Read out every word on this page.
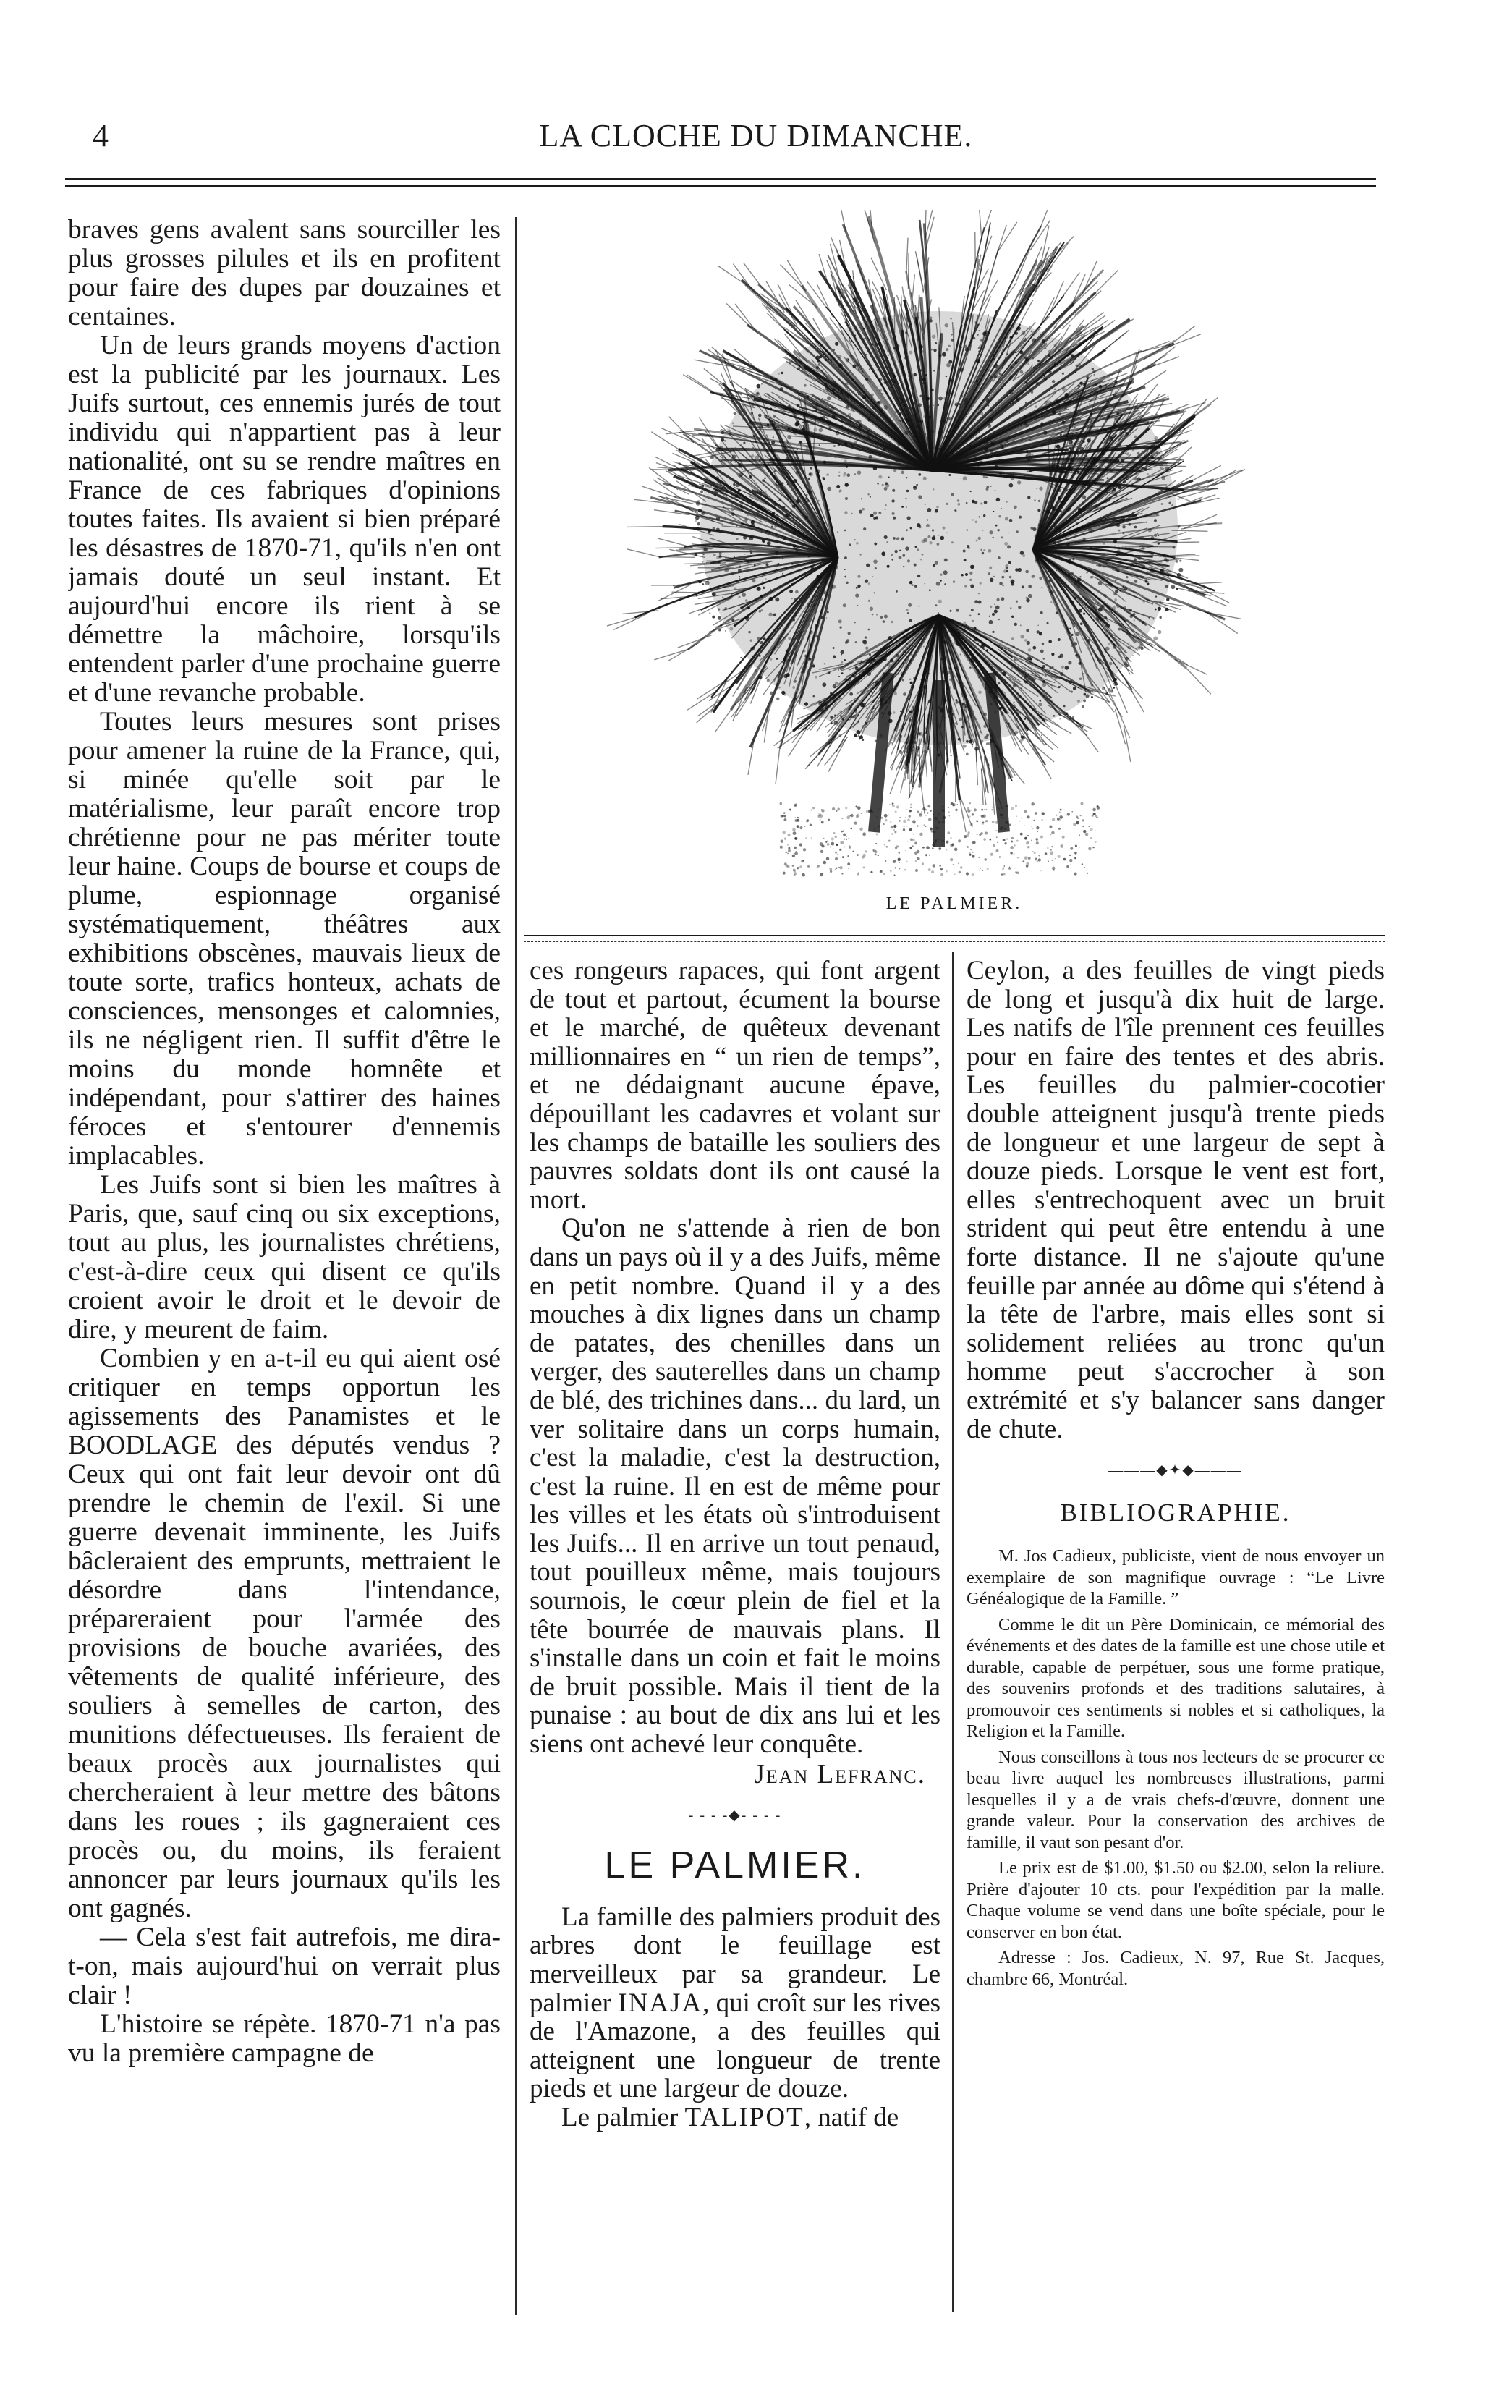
4	LA CLOCHE DU DIMANCHE.

braves gens avalent sans sourciller les plus grosses pilules et ils en profitent pour faire des dupes par douzaines et centaines.

Un de leurs grands moyens d'action est la publicité par les journaux. Les Juifs surtout, ces ennemis jurés de tout individu qui n'appartient pas à leur nationalité, ont su se rendre maîtres en France de ces fabriques d'opinions toutes faites. Ils avaient si bien préparé les désastres de 1870-71, qu'ils n'en ont jamais douté un seul instant. Et aujourd'hui encore ils rient à se démettre la mâchoire, lorsqu'ils entendent parler d'une prochaine guerre et d'une revanche probable.

Toutes leurs mesures sont prises pour amener la ruine de la France, qui, si minée qu'elle soit par le matérialisme, leur paraît encore trop chrétienne pour ne pas mériter toute leur haine. Coups de bourse et coups de plume, espionnage organisé systématiquement, théâtres aux exhibitions obscènes, mauvais lieux de toute sorte, trafics honteux, achats de consciences, mensonges et calomnies, ils ne négligent rien. Il suffit d'être le moins du monde homnête et indépendant, pour s'attirer des haines féroces et s'entourer d'ennemis implacables.

Les Juifs sont si bien les maîtres à Paris, que, sauf cinq ou six exceptions, tout au plus, les journalistes chrétiens, c'est-à-dire ceux qui disent ce qu'ils croient avoir le droit et le devoir de dire, y meurent de faim.

Combien y en a-t-il eu qui aient osé critiquer en temps opportun les agissements des Panamistes et le BOODLAGE des députés vendus ? Ceux qui ont fait leur devoir ont dû prendre le chemin de l'exil. Si une guerre devenait imminente, les Juifs bâcleraient des emprunts, mettraient le désordre dans l'intendance, prépareraient pour l'armée des provisions de bouche avariées, des vêtements de qualité inférieure, des souliers à semelles de carton, des munitions défectueuses. Ils feraient de beaux procès aux journalistes qui chercheraient à leur mettre des bâtons dans les roues ; ils gagneraient ces procès ou, du moins, ils feraient annoncer par leurs journaux qu'ils les ont gagnés.

— Cela s'est fait autrefois, me dira-t-on, mais aujourd'hui on verrait plus clair !

L'histoire se répète. 1870-71 n'a pas vu la première campagne de

LE PALMIER.

ces rongeurs rapaces, qui font argent de tout et partout, écument la bourse et le marché, de quêteux devenant millionnaires en “ un rien de temps”, et ne dédaignant aucune épave, dépouillant les cadavres et volant sur les champs de bataille les souliers des pauvres soldats dont ils ont causé la mort.

Qu'on ne s'attende à rien de bon dans un pays où il y a des Juifs, même en petit nombre. Quand il y a des mouches à dix lignes dans un champ de patates, des chenilles dans un verger, des sauterelles dans un champ de blé, des trichines dans... du lard, un ver solitaire dans un corps humain, c'est la maladie, c'est la destruction, c'est la ruine. Il en est de même pour les villes et les états où s'introduisent les Juifs... Il en arrive un tout penaud, tout pouilleux même, mais toujours sournois, le cœur plein de fiel et la tête bourrée de mauvais plans. Il s'installe dans un coin et fait le moins de bruit possible. Mais il tient de la punaise : au bout de dix ans lui et les siens ont achevé leur conquête.

Jean Lefranc.
- - - -◆- - - -
LE PALMIER.

La famille des palmiers produit des arbres dont le feuillage est merveilleux par sa grandeur. Le palmier INAJA, qui croît sur les rives de l'Amazone, a des feuilles qui atteignent une longueur de trente pieds et une largeur de douze.

Le palmier TALIPOT, natif de

Ceylon, a des feuilles de vingt pieds de long et jusqu'à dix huit de large. Les natifs de l'île prennent ces feuilles pour en faire des tentes et des abris. Les feuilles du palmier-cocotier double atteignent jusqu'à trente pieds de longueur et une largeur de sept à douze pieds. Lorsque le vent est fort, elles s'entrechoquent avec un bruit strident qui peut être entendu à une forte distance. Il ne s'ajoute qu'une feuille par année au dôme qui s'étend à la tête de l'arbre, mais elles sont si solidement reliées au tronc qu'un homme peut s'accrocher à son extrémité et s'y balancer sans danger de chute.

———◆✦◆———
BIBLIOGRAPHIE.

M. Jos Cadieux, publiciste, vient de nous envoyer un exemplaire de son magnifique ouvrage : “Le Livre Généalogique de la Famille. ”

Comme le dit un Père Dominicain, ce mémorial des événements et des dates de la famille est une chose utile et durable, capable de perpétuer, sous une forme pratique, des souvenirs profonds et des traditions salutaires, à promouvoir ces sentiments si nobles et si catholiques, la Religion et la Famille.

Nous conseillons à tous nos lecteurs de se procurer ce beau livre auquel les nombreuses illustrations, parmi lesquelles il y a de vrais chefs-d'œuvre, donnent une grande valeur. Pour la conservation des archives de famille, il vaut son pesant d'or.

Le prix est de $1.00, $1.50 ou $2.00, selon la reliure. Prière d'ajouter 10 cts. pour l'expédition par la malle. Chaque volume se vend dans une boîte spéciale, pour le conserver en bon état.

Adresse : Jos. Cadieux, N. 97, Rue St. Jacques, chambre 66, Montréal.
